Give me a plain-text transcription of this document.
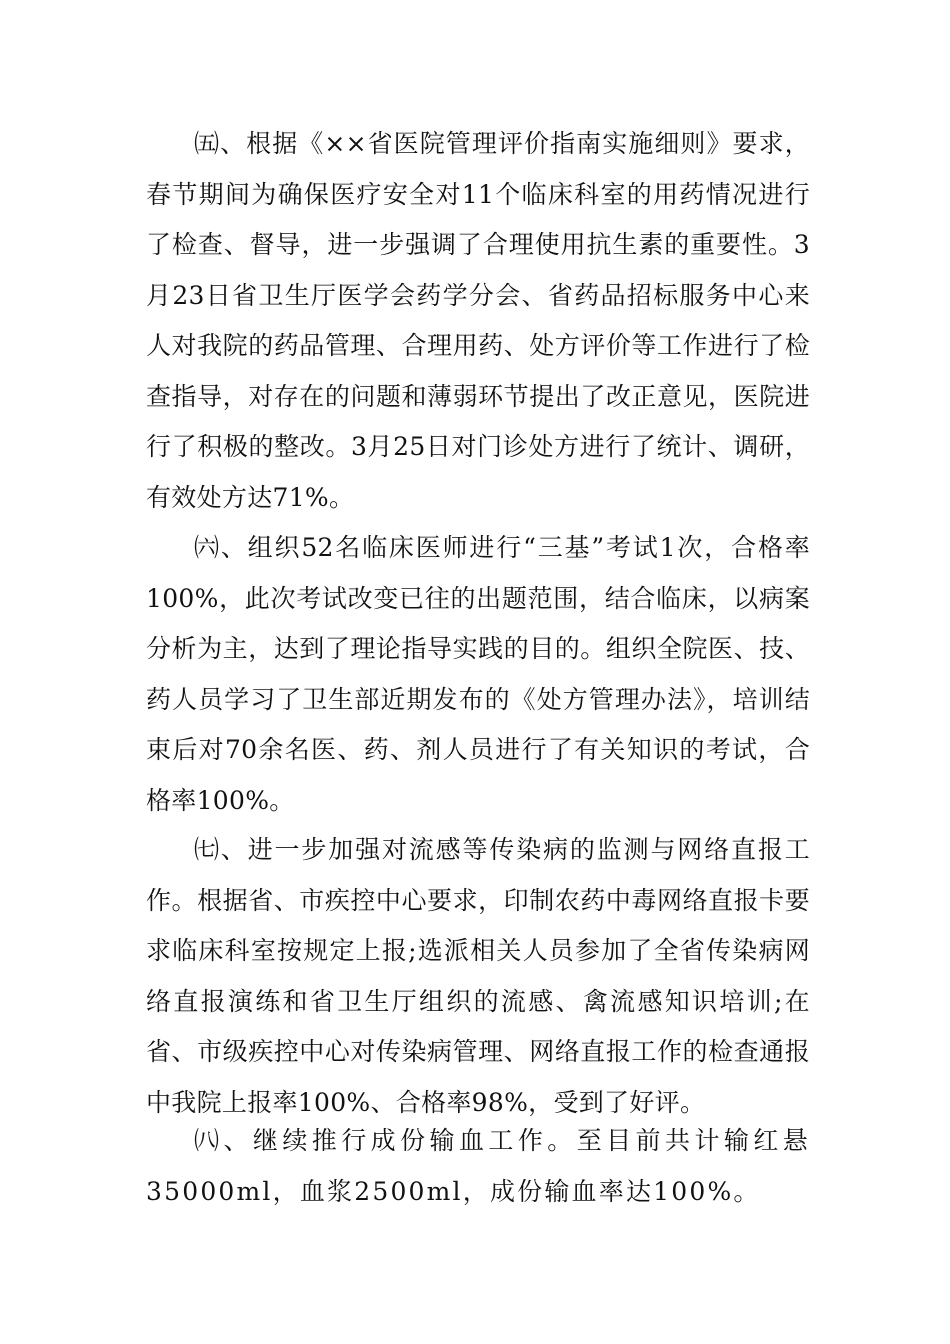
㈤、根据《××省医院管理评价指南实施细则》要求，春节期间为确保医疗安全对11个临床科室的用药情况进行了检查、督导，进一步强调了合理使用抗生素的重要性。3月23日省卫生厅医学会药学分会、省药品招标服务中心来人对我院的药品管理、合理用药、处方评价等工作进行了检查指导，对存在的问题和薄弱环节提出了改正意见，医院进行了积极的整改。3月25日对门诊处方进行了统计、调研，有效处方达71%。

㈥、组织52名临床医师进行“三基”考试1次，合格率100%，此次考试改变已往的出题范围，结合临床，以病案分析为主，达到了理论指导实践的目的。组织全院医、技、药人员学习了卫生部近期发布的《处方管理办法》，培训结束后对70余名医、药、剂人员进行了有关知识的考试，合格率100%。

㈦、进一步加强对流感等传染病的监测与网络直报工作。根据省、市疾控中心要求，印制农药中毒网络直报卡要求临床科室按规定上报;选派相关人员参加了全省传染病网络直报演练和省卫生厅组织的流感、禽流感知识培训;在省、市级疾控中心对传染病管理、网络直报工作的检查通报中我院上报率100%、合格率98%，受到了好评。

㈧、继续推行成份输血工作。至目前共计输红悬35000ml，血浆2500ml，成份输血率达100%。
